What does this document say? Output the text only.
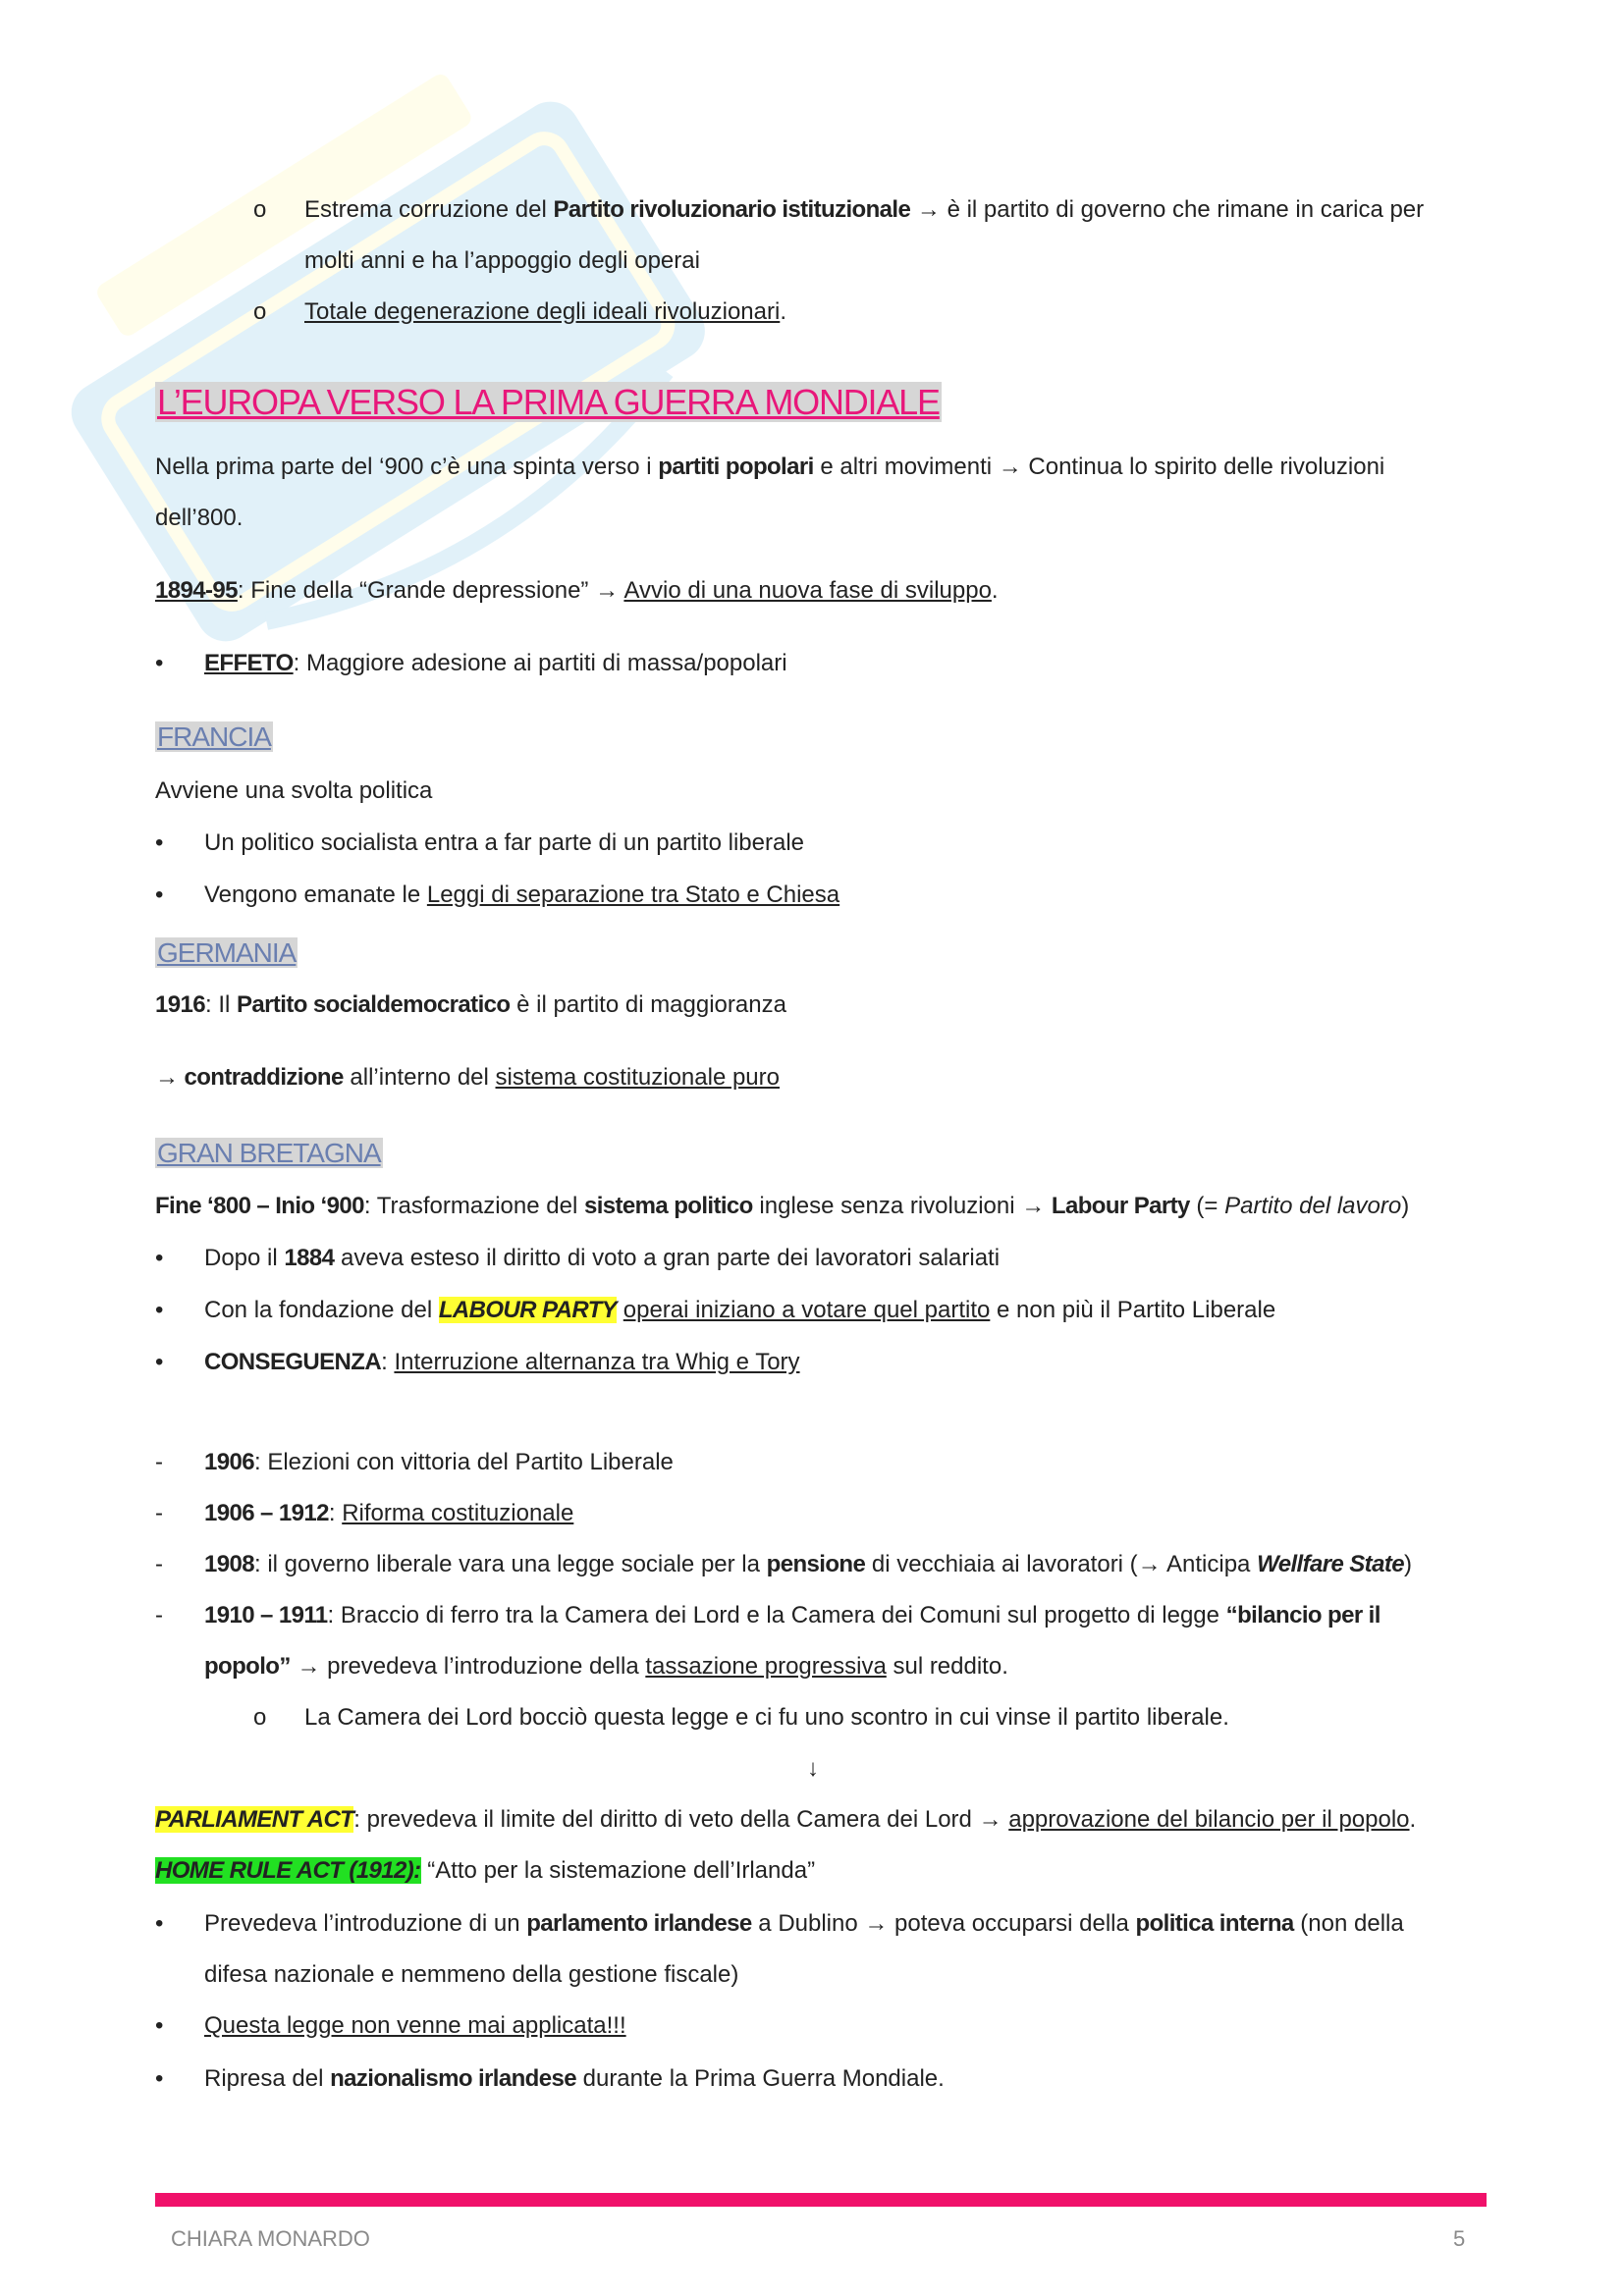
o Estrema corruzione del Partito rivoluzionario istituzionale → è il partito di governo che rimane in carica per
molti anni e ha l’appoggio degli operai
o Totale degenerazione degli ideali rivoluzionari.
L’EUROPA VERSO LA PRIMA GUERRA MONDIALE
Nella prima parte del ‘900 c’è una spinta verso i partiti popolari e altri movimenti → Continua lo spirito delle rivoluzioni
dell’800.
1894-95: Fine della “Grande depressione” → Avvio di una nuova fase di sviluppo.
• EFFETO: Maggiore adesione ai partiti di massa/popolari
FRANCIA
Avviene una svolta politica
• Un politico socialista entra a far parte di un partito liberale
• Vengono emanate le Leggi di separazione tra Stato e Chiesa
GERMANIA
1916: Il Partito socialdemocratico è il partito di maggioranza
→ contraddizione all’interno del sistema costituzionale puro
GRAN BRETAGNA
Fine ‘800 – Inio ‘900: Trasformazione del sistema politico inglese senza rivoluzioni → Labour Party (= Partito del lavoro)
• Dopo il 1884 aveva esteso il diritto di voto a gran parte dei lavoratori salariati
• Con la fondazione del LABOUR PARTY operai iniziano a votare quel partito e non più il Partito Liberale
• CONSEGUENZA: Interruzione alternanza tra Whig e Tory
- 1906: Elezioni con vittoria del Partito Liberale
- 1906 – 1912: Riforma costituzionale
- 1908: il governo liberale vara una legge sociale per la pensione di vecchiaia ai lavoratori (→ Anticipa Wellfare State)
- 1910 – 1911: Braccio di ferro tra la Camera dei Lord e la Camera dei Comuni sul progetto di legge “bilancio per il
popolo” → prevedeva l’introduzione della tassazione progressiva sul reddito.
o La Camera dei Lord bocciò questa legge e ci fu uno scontro in cui vinse il partito liberale.
↓
PARLIAMENT ACT: prevedeva il limite del diritto di veto della Camera dei Lord → approvazione del bilancio per il popolo.
HOME RULE ACT (1912): “Atto per la sistemazione dell’Irlanda”
• Prevedeva l’introduzione di un parlamento irlandese a Dublino → poteva occuparsi della politica interna (non della
difesa nazionale e nemmeno della gestione fiscale)
• Questa legge non venne mai applicata!!!
• Ripresa del nazionalismo irlandese durante la Prima Guerra Mondiale.
CHIARA MONARDO	5
